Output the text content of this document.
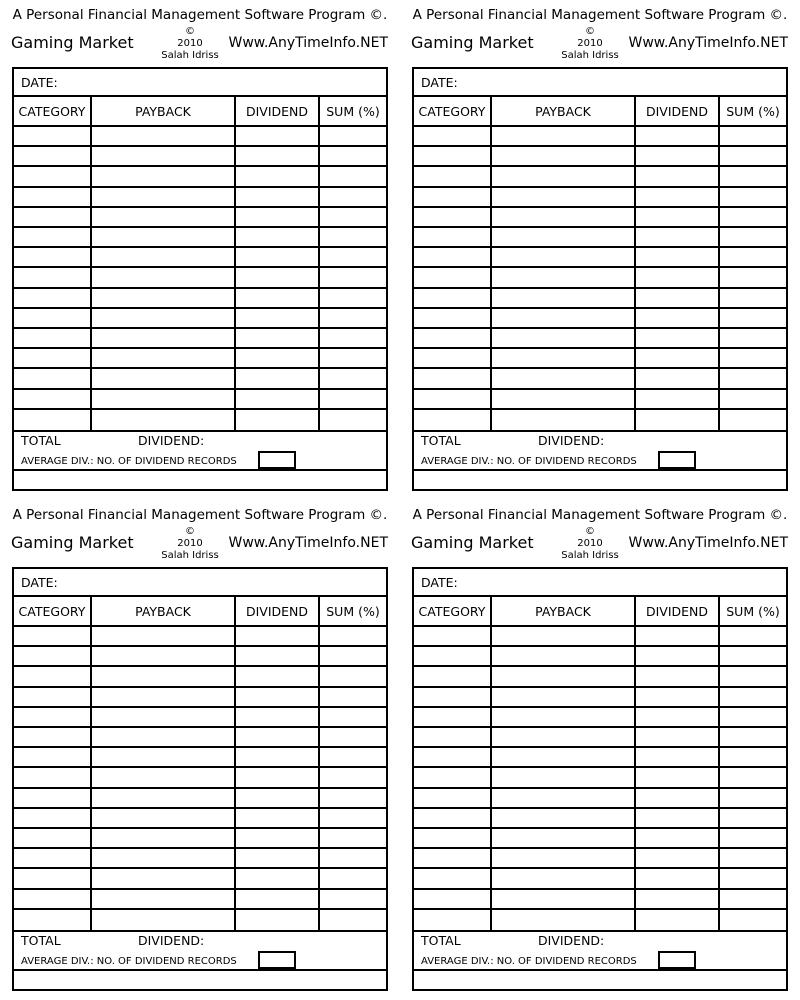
A Personal Financial Management Software Program ©.
Gaming Market
©
2010
Salah Idriss
Www.AnyTimeInfo.NET
DATE:
CATEGORY	PAYBACK	DIVIDEND	SUM (%)
TOTAL	DIVIDEND:
AVERAGE DIV.: NO. OF DIVIDEND RECORDS
A Personal Financial Management Software Program ©.
Gaming Market
©
2010
Salah Idriss
Www.AnyTimeInfo.NET
DATE:
CATEGORY	PAYBACK	DIVIDEND	SUM (%)
TOTAL	DIVIDEND:
AVERAGE DIV.: NO. OF DIVIDEND RECORDS
A Personal Financial Management Software Program ©.
Gaming Market
©
2010
Salah Idriss
Www.AnyTimeInfo.NET
DATE:
CATEGORY	PAYBACK	DIVIDEND	SUM (%)
TOTAL	DIVIDEND:
AVERAGE DIV.: NO. OF DIVIDEND RECORDS
A Personal Financial Management Software Program ©.
Gaming Market
©
2010
Salah Idriss
Www.AnyTimeInfo.NET
DATE:
CATEGORY	PAYBACK	DIVIDEND	SUM (%)
TOTAL	DIVIDEND:
AVERAGE DIV.: NO. OF DIVIDEND RECORDS
